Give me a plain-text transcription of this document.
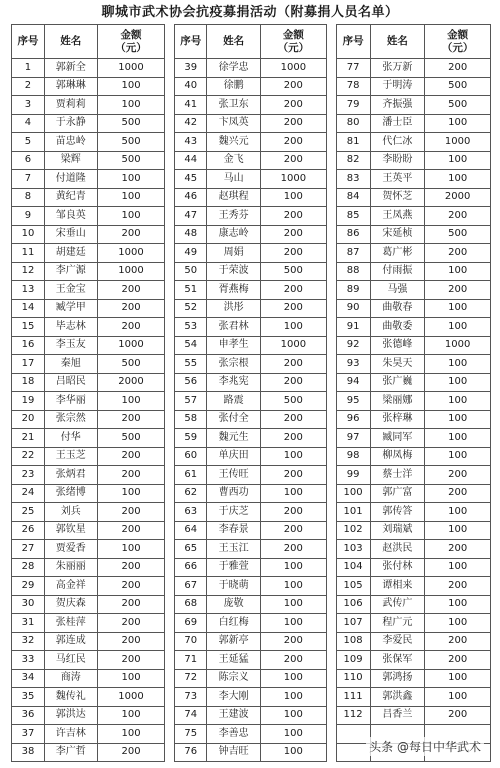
聊城市武术协会抗疫募捐活动（附募捐人员名单）
序号	姓名	金额
（元）

1	郭新全	1000
2	郭琳琳	100
3	贾莉莉	100
4	于永静	500
5	苗忠岭	500
6	梁辉	500
7	付道隆	100
8	黄纪青	100
9	邹良英	100
10	宋垂山	200
11	胡建廷	1000
12	李广源	1000
13	王金宝	200
14	臧学甲	200
15	毕志林	200
16	李玉友	1000
17	秦旭	500
18	吕昭民	2000
19	李华丽	100
20	张宗然	200
21	付华	500
22	王玉芝	200
23	张炳君	200
24	张绪博	100
25	刘兵	200
26	郭钦星	200
27	贾爱香	100
28	朱丽丽	200
29	高金祥	200
30	贺庆森	200
31	张桂萍	200
32	郭连成	200
33	马红民	200
34	商涛	100
35	魏传礼	1000
36	郭洪达	100
37	许吉林	100
38	李广哲	200
序号	姓名	金额
（元）

39	徐学忠	1000
40	徐鹏	200
41	张卫东	200
42	卞凤英	200
43	魏兴元	200
44	金飞	200
45	马山	1000
46	赵琪程	100
47	王秀芬	200
48	康志岭	200
49	周娟	200
50	于荣波	500
51	胥燕梅	200
52	洪彤	200
53	张君林	100
54	申孝生	1000
55	张宗根	200
56	李兆宪	200
57	路震	500
58	张付全	200
59	魏元生	200
60	单庆田	100
61	王传旺	200
62	曹西功	100
63	于庆芝	200
64	李春景	200
65	王玉江	200
66	于雅萱	100
67	于晓萌	100
68	庞敬	100
69	白红梅	100
70	郭新亭	200
71	王延猛	200
72	陈宗义	100
73	李大刚	100
74	王建波	100
75	李善忠	100
76	钟吉旺	100
序号	姓名	金额
（元）

77	张万新	200
78	于明涛	500
79	齐振强	500
80	潘士臣	100
81	代仁冰	1000
82	李盼盼	100
83	王英平	100
84	贺怀芝	2000
85	王凤燕	200
86	宋延桢	500
87	葛广彬	200
88	付雨振	100
89	马强	200
90	曲敬春	100
91	曲敬委	100
92	张德峰	1000
93	朱昊天	100
94	张广巍	100
95	梁丽娜	100
96	张梓琳	100
97	臧同军	100
98	柳凤梅	100
99	蔡士洋	200
100	郭广富	200
101	郭传答	100
102	刘瑞斌	100
103	赵洪民	200
104	张付林	100
105	谭相来	200
106	武传广	100
107	程广元	100
108	李爱民	200
109	张保军	200
110	郭鸿扬	100
111	郭洪鑫	100
112	吕香兰	200

头条 @每日中华武术
